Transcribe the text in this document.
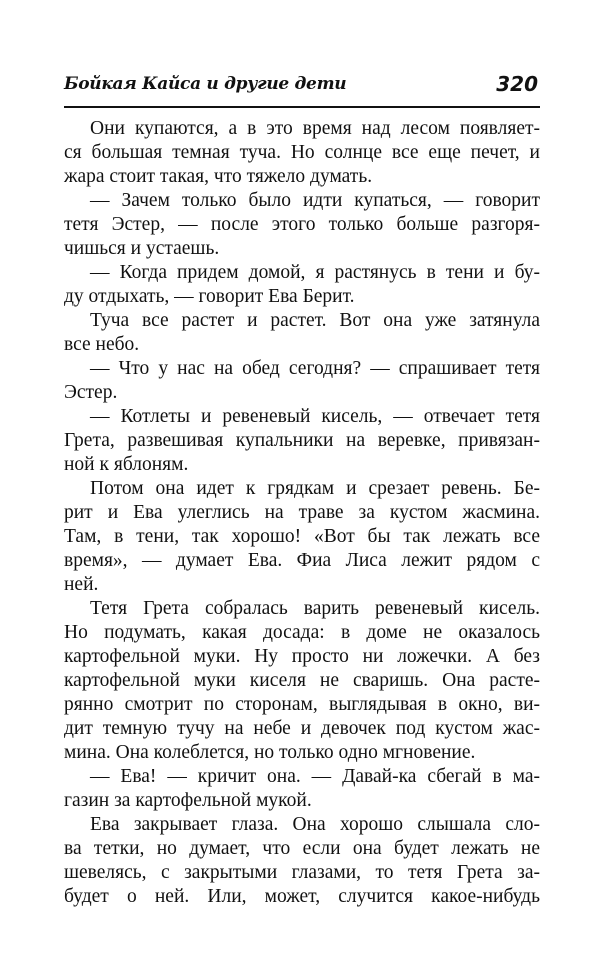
Бойкая Кайса и другие дети	320
Они купаются, а в это время над лесом появляет-
ся большая темная туча. Но солнце все еще печет, и
жара стоит такая, что тяжело думать.
— Зачем только было идти купаться, — говорит
тетя Эстер, — после этого только больше разгоря-
чишься и устаешь.
— Когда придем домой, я растянусь в тени и бу-
ду отдыхать, — говорит Ева Берит.
Туча все растет и растет. Вот она уже затянула
все небо.
— Что у нас на обед сегодня? — спрашивает тетя
Эстер.
— Котлеты и ревеневый кисель, — отвечает тетя
Грета, развешивая купальники на веревке, привязан-
ной к яблоням.
Потом она идет к грядкам и срезает ревень. Бе-
рит и Ева улеглись на траве за кустом жасмина.
Там, в тени, так хорошо! «Вот бы так лежать все
время», — думает Ева. Фиа Лиса лежит рядом с
ней.
Тетя Грета собралась варить ревеневый кисель.
Но подумать, какая досада: в доме не оказалось
картофельной муки. Ну просто ни ложечки. А без
картофельной муки киселя не сваришь. Она расте-
рянно смотрит по сторонам, выглядывая в окно, ви-
дит темную тучу на небе и девочек под кустом жас-
мина. Она колеблется, но только одно мгновение.
— Ева! — кричит она. — Давай-ка сбегай в ма-
газин за картофельной мукой.
Ева закрывает глаза. Она хорошо слышала сло-
ва тетки, но думает, что если она будет лежать не
шевелясь, с закрытыми глазами, то тетя Грета за-
будет о ней. Или, может, случится какое-нибудь
